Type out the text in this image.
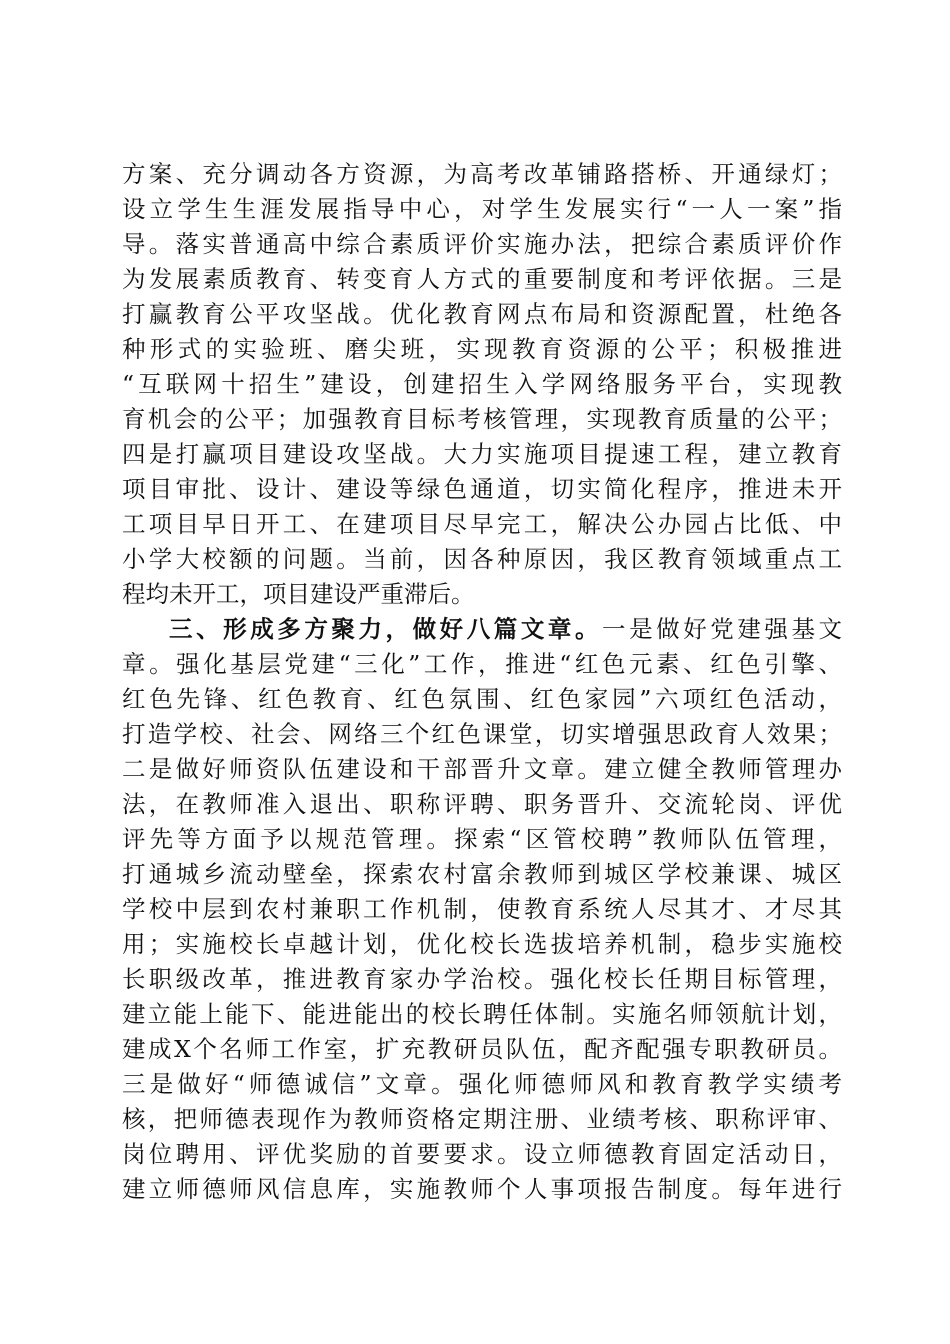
方案、充分调动各方资源，为高考改革铺路搭桥、开通绿灯；
设立学生生涯发展指导中心，对学生发展实行“一人一案”指
导。落实普通高中综合素质评价实施办法，把综合素质评价作
为发展素质教育、转变育人方式的重要制度和考评依据。三是
打赢教育公平攻坚战。优化教育网点布局和资源配置，杜绝各
种形式的实验班、磨尖班，实现教育资源的公平；积极推进
“互联网十招生”建设，创建招生入学网络服务平台，实现教
育机会的公平；加强教育目标考核管理，实现教育质量的公平；
四是打赢项目建设攻坚战。大力实施项目提速工程，建立教育
项目审批、设计、建设等绿色通道，切实简化程序，推进未开
工项目早日开工、在建项目尽早完工，解决公办园占比低、中
小学大校额的问题。当前，因各种原因，我区教育领域重点工
程均未开工，项目建设严重滞后。
三、形成多方聚力，做好八篇文章。一是做好党建强基文
章。强化基层党建“三化”工作，推进“红色元素、红色引擎、
红色先锋、红色教育、红色氛围、红色家园”六项红色活动，
打造学校、社会、网络三个红色课堂，切实增强思政育人效果；
二是做好师资队伍建设和干部晋升文章。建立健全教师管理办
法，在教师准入退出、职称评聘、职务晋升、交流轮岗、评优
评先等方面予以规范管理。探索“区管校聘”教师队伍管理，
打通城乡流动壁垒，探索农村富余教师到城区学校兼课、城区
学校中层到农村兼职工作机制，使教育系统人尽其才、才尽其
用；实施校长卓越计划，优化校长选拔培养机制，稳步实施校
长职级改革，推进教育家办学治校。强化校长任期目标管理，
建立能上能下、能进能出的校长聘任体制。实施名师领航计划，
建成X个名师工作室，扩充教研员队伍，配齐配强专职教研员。
三是做好“师德诚信”文章。强化师德师风和教育教学实绩考
核，把师德表现作为教师资格定期注册、业绩考核、职称评审、
岗位聘用、评优奖励的首要要求。设立师德教育固定活动日，
建立师德师风信息库，实施教师个人事项报告制度。每年进行
